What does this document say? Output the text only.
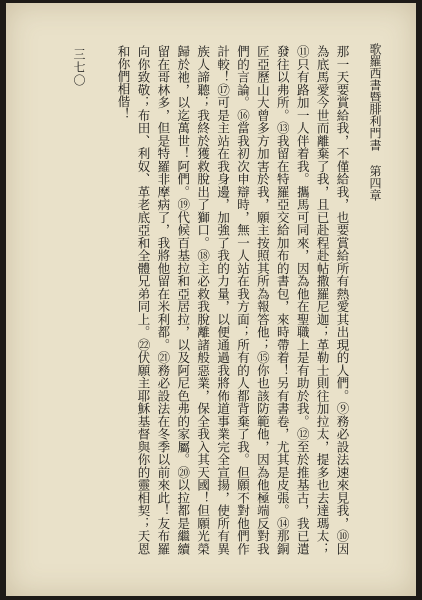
三七〇	歌羅西書暨腓利門書第四章

那一天要賞給我，不僅給我，也要賞給所有熱愛其出現的人們。⑨務必設法速來見我，⑩因為底馬愛今世而離棄了我，且已赴程赴帖撒羅尼迦；革勒士則往加拉太，提多也去達瑪太；⑪只有路加一人伴着我。攜馬可同來，因為他在聖職上是有助於我。⑫至於推基古，我已遣發往以弗所。⑬我留在特羅亞交給加布的書包，來時帶着！另有書卷，尤其是皮張。⑭那銅匠亞歷山大曾多方加害於我，願主按照其所為報答他；⑮你也該防範他，因為他極端反對我們的言論。⑯當我初次申辯時，無一人站在我方面；所有的人都背棄了我。但願不對他們作計較！⑰可是主站在我身邊，加強了我的力量，以便通過我將佈道事業完全宣揚，使所有異族人諦聽；我終於獲救脫出了獅口。⑱主必救我脫離諸般惡業，保全我入其天國！但願光榮歸於祂，以迄萬世！阿們。⑲代候百基拉和亞居拉，以及阿尼色弗的家屬。⑳以拉都是繼續留在哥林多，但是特羅非摩病了，我將他留在米利都。㉑務必設法在冬季以前來此！友布羅向你致敬；布田、利奴、革老底亞和全體兄弟同上。㉒伏願主耶穌基督與你的靈相契；天恩和你們相偕！
